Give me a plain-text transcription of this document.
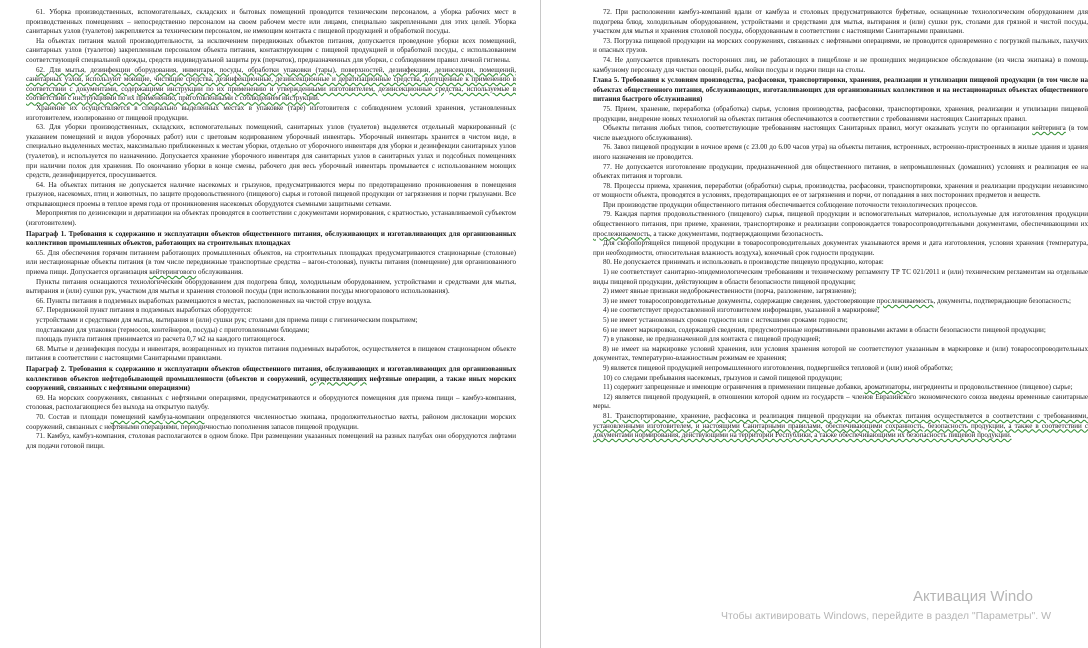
61. Уборка производственных, вспомогательных, складских и бытовых помещений проводится техническим персоналом, а уборка рабочих мест в производственных помещениях – непосредственно персоналом на своем рабочем месте или лицами, специально закрепленными для этих целей. Уборка санитарных узлов (туалетов) закрепляется за техническим персоналом, не имеющим контакта с пищевой продукцией и обработкой посуды.

На объектах питания малой производительности, за исключением передвижных объектов питания, допускается проведение уборки всех помещений, санитарных узлов (туалетов) закрепленным персоналом объекта питания, контактирующим с пищевой продукцией и обработкой посуды, с использованием соответствующей специальной одежды, средств индивидуальной защиты рук (перчаток), предназначенных для уборки, с соблюдением правил личной гигиены.

62. Для мытья, дезинфекции оборудования, инвентаря, посуды, обработки упаковки (тары), поверхностей, дезинфекции, дезинсекции, помещений, санитарных узлов, используют моющие, чистящие средства, дезинфекционные, дезинсекционные и дератизационные средства, допущенные к применению в соответствии с документами, содержащими инструкции по их применению и утвержденными изготовителем, дезинсекционные средства, используемые в соответствии с инструкциями по их применению, приготовленными с соблюдением инструкций.

Хранение их осуществляется в специально выделенных местах в упаковке (таре) изготовителя с соблюдением условий хранения, установленных изготовителем, изолированно от пищевой продукции.

63. Для уборки производственных, складских, вспомогательных помещений, санитарных узлов (туалетов) выделяется отдельный маркированный (с указанием помещений и видов уборочных работ) или с цветовым кодированием уборочный инвентарь. Уборочный инвентарь хранится в чистом виде, в специально выделенных местах, максимально приближенных к местам уборки, отдельно от уборочного инвентаря для уборки и дезинфекции санитарных узлов (туалетов), и используется по назначению. Допускается хранение уборочного инвентаря для санитарных узлов в санитарных узлах и подсобных помещениях при наличии полок для хранения. По окончанию уборки в конце смены, рабочего дня весь уборочный инвентарь промывается с использованием моющих средств, дезинфицируется, просушивается.

64. На объектах питания не допускается наличие насекомых и грызунов, предусматриваются меры по предотвращению проникновения в помещения грызунов, насекомых, птиц и животных, по защите продовольственного (пищевого) сырья и готовой пищевой продукции от загрязнения и порчи грызунами. Все открывающиеся проемы в теплое время года от проникновения насекомых оборудуются съемными защитными сетками.

Мероприятия по дезинсекции и дератизации на объектах проводятся в соответствии с документами нормирования, с кратностью, устанавливаемой субъектом (изготовителем).

Параграф 1. Требования к содержанию и эксплуатации объектов общественного питания, обслуживающих и изготавливающих для организованных коллективов промышленных объектов, работающих на строительных площадках

65. Для обеспечения горячим питанием работающих промышленных объектов, на строительных площадках предусматриваются стационарные (столовые) или нестационарные объекты питания (в том числе передвижные транспортные средства – вагон-столовая), пункты питания (помещение) для организованного приема пищи. Допускается организация кейтерингового обслуживания.

Пункты питания оснащаются технологическим оборудованием для подогрева блюд, холодильным оборудованием, устройствами и средствами для мытья, вытирания и (или) сушки рук, участком для мытья и хранения столовой посуды (при использовании посуды многоразового использования).

66. Пункты питания в подземных выработках размещаются в местах, расположенных на чистой струе воздуха.

67. Передвижной пункт питания в подземных выработках оборудуется:

устройствами и средствами для мытья, вытирания и (или) сушки рук; столами для приема пищи с гигиеническим покрытием;

подставками для упаковки (термосов, контейнеров, посуды) с приготовленными блюдами;

площадь пункта питания принимается из расчета 0,7 м2 на каждого питающегося.

68. Мытье и дезинфекция посуды и инвентаря, возвращенных из пунктов питания подземных выработок, осуществляется в пищевом стационарном объекте питания в соответствии с настоящими Санитарными правилами.

Параграф 2. Требования к содержанию и эксплуатации объектов общественного питания, обслуживающих и изготавливающих для организованных коллективов объектов нефтедобывающей промышленности (объектов и сооружений, осуществляющих нефтяные операции, а также иных морских сооружений, связанных с нефтяными операциями)

69. На морских сооружениях, связанных с нефтяными операциями, предусматриваются и оборудуются помещения для приема пищи – камбуз-компания, столовая, располагающиеся без выхода на открытую палубу.

70. Состав и площади помещений камбуза-компании определяются численностью экипажа, продолжительностью вахты, районом дислокации морских сооружений, связанных с нефтяными операциями, периодичностью пополнения запасов пищевой продукции.

71. Камбуз, камбуз-компания, столовая располагаются в одном блоке. При размещении указанных помещений на разных палубах они оборудуются лифтами для подачи готовой пищи.

72. При расположении камбуз-компаний вдали от камбуза и столовых предусматриваются буфетные, оснащенные технологическим оборудованием для подогрева блюд, холодильным оборудованием, устройствами и средствами для мытья, вытирания и (или) сушки рук, столами для грязной и чистой посуды, участком для мытья и хранения столовой посуды, оборудованным в соответствии с настоящими Санитарными правилами.

73. Погрузка пищевой продукции на морских сооружениях, связанных с нефтяными операциями, не проводится одновременно с погрузкой пыльных, пахучих и опасных грузов.

74. Не допускается привлекать посторонних лиц, не работающих в пищеблоке и не прошедших медицинское обследование (из числа экипажа) в помощь камбузному персоналу для чистки овощей, рыбы, мойки посуды и подачи пищи на столы.

Глава 5. Требования к условиям производства, расфасовки, транспортировки, хранения, реализации и утилизации пищевой продукции (в том числе на объектах общественного питания, обслуживающих, изготавливающих для организованных коллективов и на нестационарных объектах общественного питания быстрого обслуживания)

75. Прием, хранение, переработка (обработка) сырья, условия производства, расфасовки, транспортировки, хранения, реализации и утилизации пищевой продукции, внедрение новых технологий на объектах питания обеспечиваются в соответствии с требованиями настоящих Санитарных правил.

Объекты питания любых типов, соответствующие требованиям настоящих Санитарных правил, могут оказывать услуги по организации кейтеринга (в том числе выездного обслуживания).

76. Завоз пищевой продукции в ночное время (с 23.00 до 6.00 часов утра) на объекты питания, встроенных, встроенно-пристроенных в жилые здания и здания иного назначения не проводится.

77. Не допускается изготовление продукции, предназначенной для общественного питания, в непромышленных (домашних) условиях и реализация ее на объектах питания и торговли.

78. Процессы приема, хранения, переработки (обработки) сырья, производства, расфасовки, транспортировки, хранения и реализации продукции независимо от мощности объекта, проводятся в условиях, предотвращающих ее от загрязнения и порчи, от попадания в них посторонних предметов и веществ.

При производстве продукции общественного питания обеспечивается соблюдение поточности технологических процессов.

79. Каждая партия продовольственного (пищевого) сырья, пищевой продукции и вспомогательных материалов, используемые для изготовления продукции общественного питания, при приеме, хранении, транспортировке и реализации сопровождается товаросопроводительными документами, обеспечивающими их прослеживаемость, а также документами, подтверждающими безопасность.

Для скоропортящейся пищевой продукции в товаросопроводительных документах указываются время и дата изготовления, условия хранения (температура, при необходимости, относительная влажность воздуха), конечный срок годности продукции.

80. Не допускается принимать и использовать в производстве пищевую продукцию, которая:

1) не соответствует санитарно-эпидемиологическим требованиям и техническому регламенту ТР ТС 021/2011 и (или) техническим регламентам на отдельные виды пищевой продукции, действующим в области безопасности пищевой продукции;

2) имеет явные признаки недоброкачественности (порча, разложение, загрязнение);

3) не имеет товаросопроводительные документы, содержащие сведения, удостоверяющие прослеживаемость, документы, подтверждающие безопасность;

4) не соответствует предоставленной изготовителем информации, указанной в маркировке;

5) не имеет установленных сроков годности или с истекшими сроками годности;

6) не имеет маркировки, содержащей сведения, предусмотренные нормативными правовыми актами в области безопасности пищевой продукции;

7) в упаковке, не предназначенной для контакта с пищевой продукцией;

8) не имеет на маркировке условий хранения, или условия хранения которой не соответствуют указанным в маркировке и (или) товаросопроводительных документах, температурно-влажностным режимам ее хранения;

9) является пищевой продукцией непромышленного изготовления, подвергшейся тепловой и (или) иной обработке;

10) со следами пребывания насекомых, грызунов и самой пищевой продукции;

11) содержит запрещенные и имеющие ограничения в применении пищевые добавки, ароматизаторы, ингредиенты и продовольственное (пищевое) сырье;

12) является пищевой продукцией, в отношении которой одним из государств – членов Евразийского экономического союза введены временные санитарные меры.

81. Транспортирование, хранение, расфасовка и реализация пищевой продукции на объектах питания осуществляется в соответствии с требованиями, установленными изготовителем, и настоящими Санитарными правилами, обеспечивающими сохранность, безопасность продукции, а также в соответствии с документами нормирования, действующими на территории Республики, а также обеспечивающими их безопасность пищевой продукции.

Активация Windo
Чтобы активировать Windows, перейдите в раздел "Параметры". W
